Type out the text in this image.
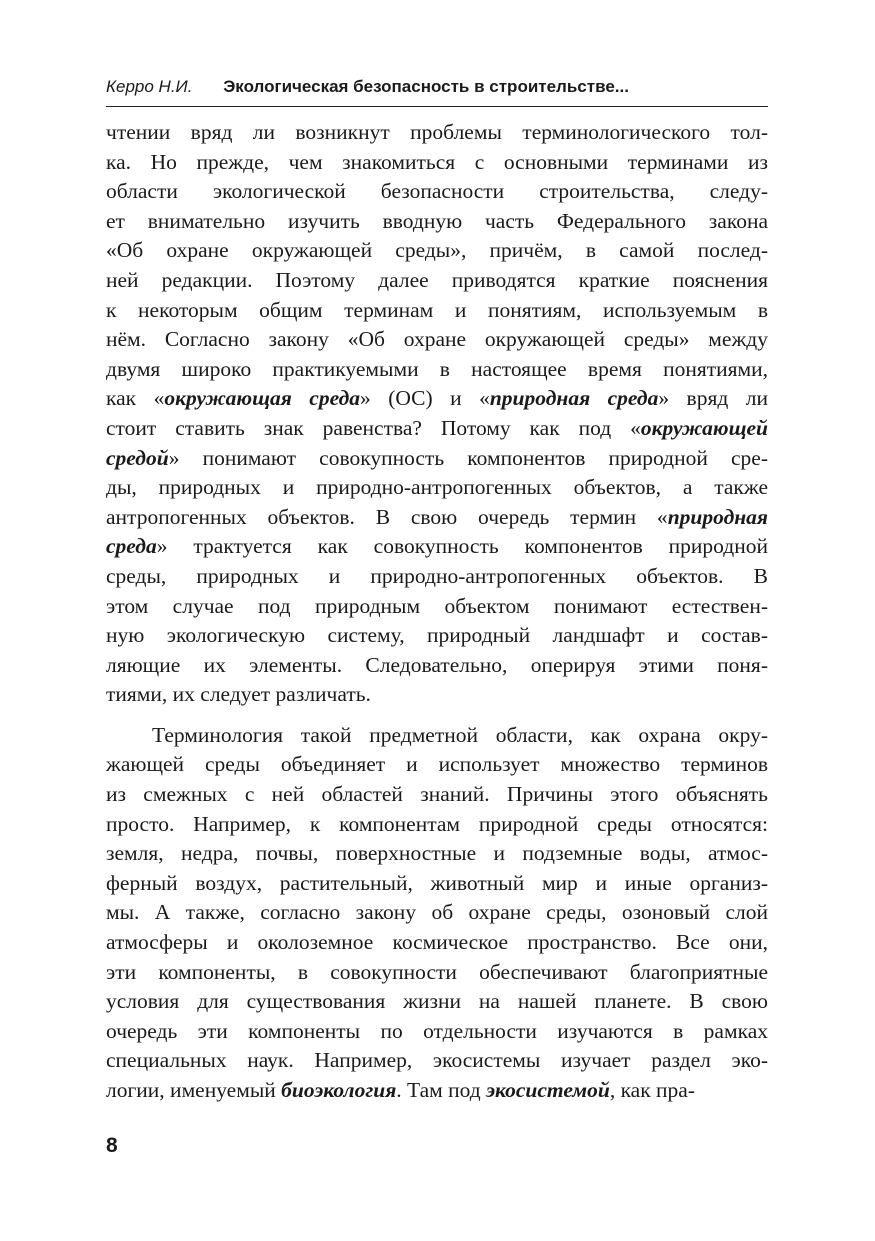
Керро Н.И. Экологическая безопасность в строительстве...
чтении вряд ли возникнут проблемы терминологического тол-
ка. Но прежде, чем знакомиться с основными терминами из
области экологической безопасности строительства, следу-
ет внимательно изучить вводную часть Федерального закона
«Об охране окружающей среды», причём, в самой послед-
ней редакции. Поэтому далее приводятся краткие пояснения
к некоторым общим терминам и понятиям, используемым в
нём. Согласно закону «Об охране окружающей среды» между
двумя широко практикуемыми в настоящее время понятиями,
как «окружающая среда» (ОС) и «природная среда» вряд ли
стоит ставить знак равенства? Потому как под «окружающей
средой» понимают совокупность компонентов природной сре-
ды, природных и природно-антропогенных объектов, а также
антропогенных объектов. В свою очередь термин «природная
среда» трактуется как совокупность компонентов природной
среды, природных и природно-антропогенных объектов. В
этом случае под природным объектом понимают естествен-
ную экологическую систему, природный ландшафт и состав-
ляющие их элементы. Следовательно, оперируя этими поня-
тиями, их следует различать.
Терминология такой предметной области, как охрана окру-
жающей среды объединяет и использует множество терминов
из смежных с ней областей знаний. Причины этого объяснять
просто. Например, к компонентам природной среды относятся:
земля, недра, почвы, поверхностные и подземные воды, атмос-
ферный воздух, растительный, животный мир и иные организ-
мы. А также, согласно закону об охране среды, озоновый слой
атмосферы и околоземное космическое пространство. Все они,
эти компоненты, в совокупности обеспечивают благоприятные
условия для существования жизни на нашей планете. В свою
очередь эти компоненты по отдельности изучаются в рамках
специальных наук. Например, экосистемы изучает раздел эко-
логии, именуемый биоэкология. Там под экосистемой, как пра-
8
